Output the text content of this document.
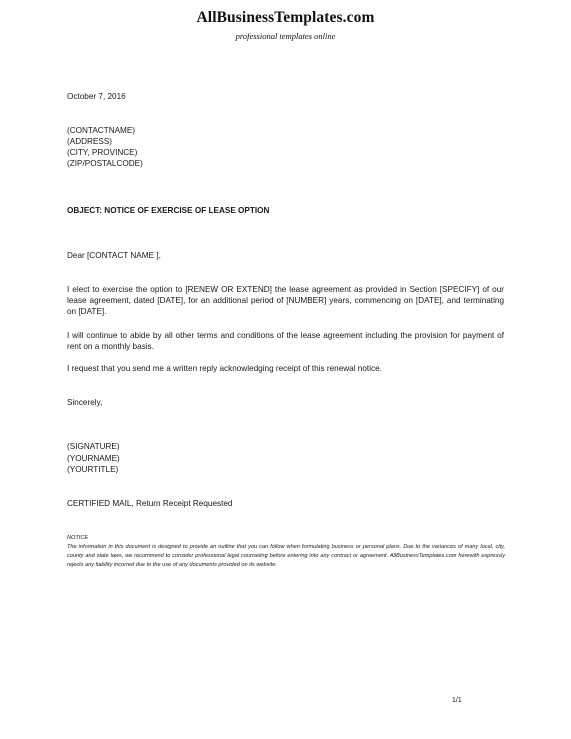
AllBusinessTemplates.com
professional templates online
October 7, 2016
(CONTACTNAME)
(ADDRESS)
(CITY, PROVINCE)
(ZIP/POSTALCODE)
OBJECT: NOTICE OF EXERCISE OF LEASE OPTION
Dear [CONTACT NAME ],
I elect to exercise the option to [RENEW OR EXTEND] the lease agreement as provided in Section [SPECIFY] of our lease agreement, dated [DATE], for an additional period of [NUMBER] years, commencing on [DATE], and terminating on [DATE].
I will continue to abide by all other terms and conditions of the lease agreement including the provision for payment of rent on a monthly basis.
I request that you send me a written reply acknowledging receipt of this renewal notice.
Sincerely,
(SIGNATURE)
(YOURNAME)
(YOURTITLE)
CERTIFIED MAIL, Return Receipt Requested
NOTICE
The information in this document is designed to provide an outline that you can follow when formulating business or personal plans. Due to the variances of many local, city, county and state laws, we recommend to consider professional legal counseling before entering into any contract or agreement. AllBusinessTemplates.com herewith expressly rejects any liability incurred due to the use of any documents provided on its website.
1/1
